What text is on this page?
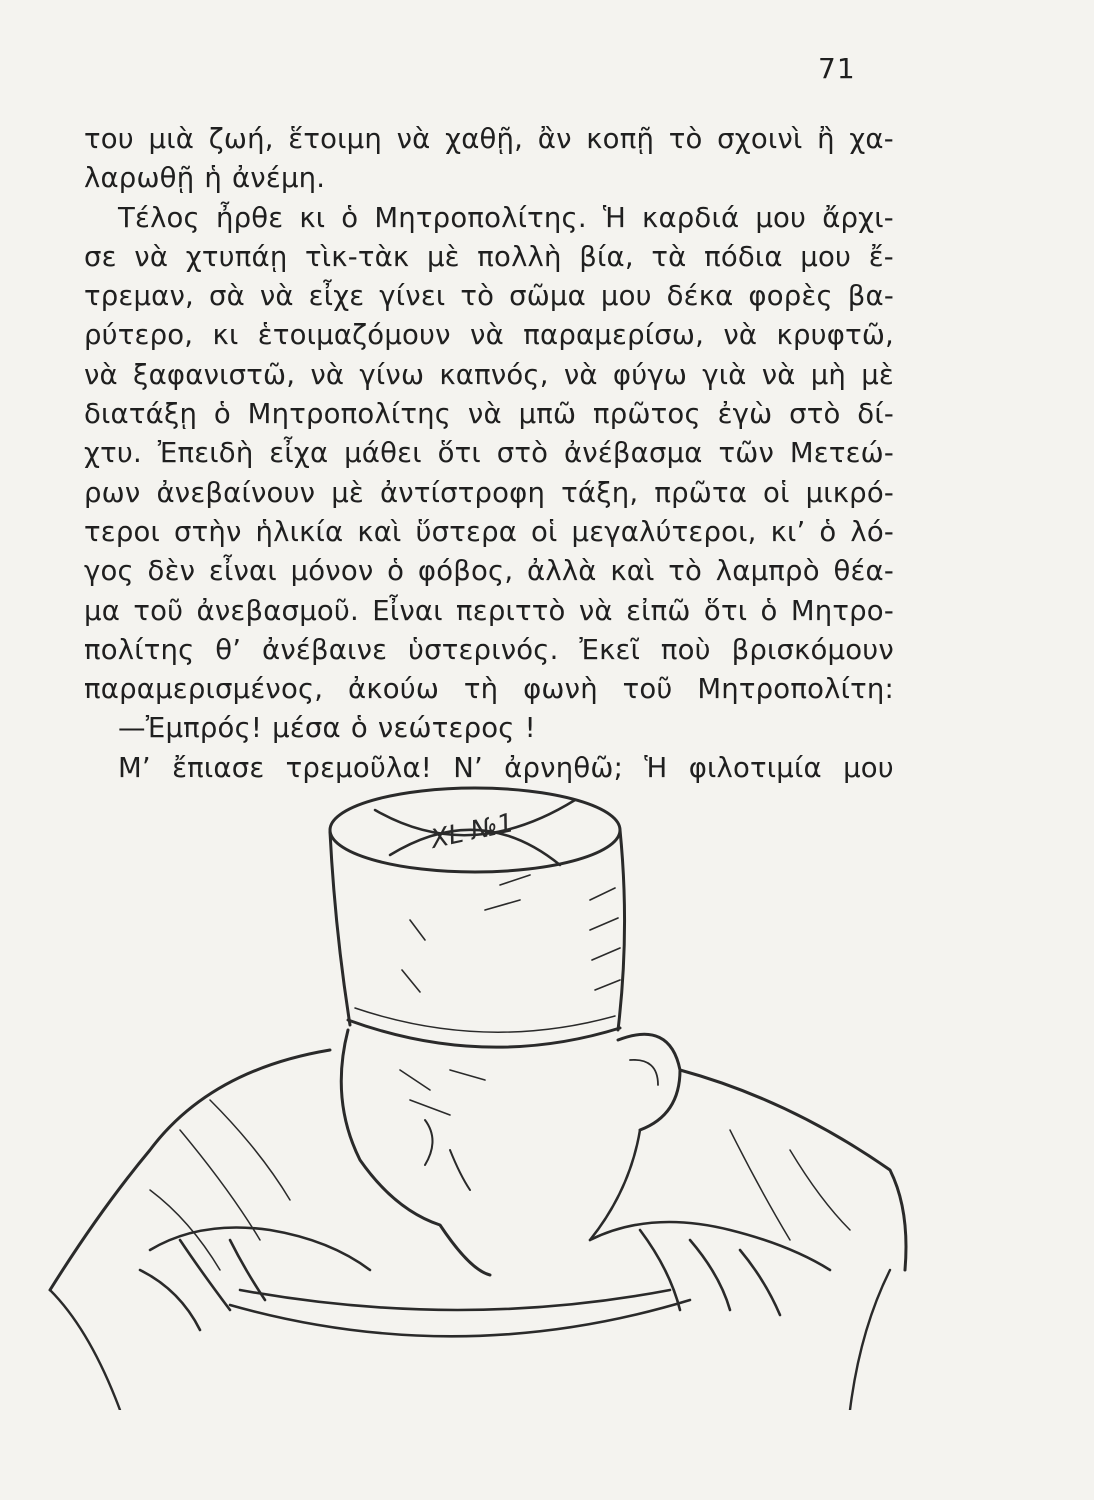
71
του μιὰ ζωή, ἕτοιμη νὰ χαθῇ, ἂν κοπῇ τὸ σχοινὶ ἢ χα-
λαρωθῇ ἡ ἀνέμη.
Τέλος ἦρθε κι ὁ Μητροπολίτης. Ἡ καρδιά μου ἄρχι-
σε νὰ χτυπάῃ τὶκ-τὰκ μὲ πολλὴ βία, τὰ πόδια μου ἔ-
τρεμαν, σὰ νὰ εἶχε γίνει τὸ σῶμα μου δέκα φορὲς βα-
ρύτερο, κι ἑτοιμαζόμουν νὰ παραμερίσω, νὰ κρυφτῶ,
νὰ ξαφανιστῶ, νὰ γίνω καπνός, νὰ φύγω γιὰ νὰ μὴ μὲ
διατάξῃ ὁ Μητροπολίτης νὰ μπῶ πρῶτος ἐγὼ στὸ δί-
χτυ. Ἐπειδὴ εἶχα μάθει ὅτι στὸ ἀνέβασμα τῶν Μετεώ-
ρων ἀνεβαίνουν μὲ ἀντίστροφη τάξη, πρῶτα οἱ μικρό-
τεροι στὴν ἡλικία καὶ ὕστερα οἱ μεγαλύτεροι, κι’ ὁ λό-
γος δὲν εἶναι μόνον ὁ φόβος, ἀλλὰ καὶ τὸ λαμπρὸ θέα-
μα τοῦ ἀνεβασμοῦ. Εἶναι περιττὸ νὰ εἰπῶ ὅτι ὁ Μητρο-
πολίτης θ’ ἀνέβαινε ὑστερινός. Ἐκεῖ ποὺ βρισκόμουν
παραμερισμένος, ἀκούω τὴ φωνὴ τοῦ Μητροπολίτη:
—Ἐμπρός! μέσα ὁ νεώτερος !
Μ’ ἔπιασε τρεμοῦλα! Ν’ ἀρνηθῶ; Ἡ φιλοτιμία μου
XL №1
